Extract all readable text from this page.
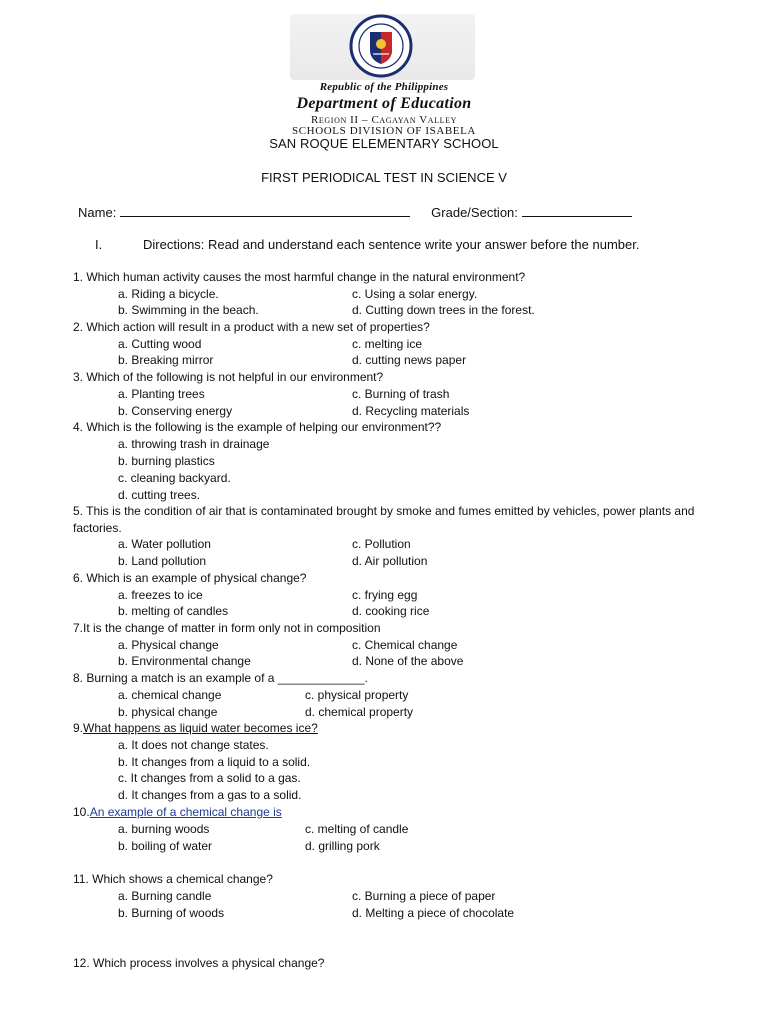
Republic of the Philippines
Department of Education
Region II – Cagayan Valley
SCHOOLS DIVISION OF ISABELA
SAN ROQUE ELEMENTARY SCHOOL
FIRST PERIODICAL TEST IN SCIENCE V
Name:	Grade/Section:
I.	Directions: Read and understand each sentence write your answer before the number.
1. Which human activity causes the most harmful change in the natural environment?
a. Riding a bicycle.	c. Using a solar energy.
b. Swimming in the beach.	d. Cutting down trees in the forest.
2. Which action will result in a product with a new set of properties?
a. Cutting wood	c. melting ice
b. Breaking mirror	d. cutting news paper
3. Which of the following is not helpful in our environment?
a. Planting trees	c. Burning of trash
b. Conserving energy	d. Recycling materials
4. Which is the following is the example of helping our environment??
a. throwing trash in drainage
b. burning plastics
c. cleaning backyard.
d. cutting trees.
5. This is the condition of air that is contaminated brought by smoke and fumes emitted by vehicles, power plants and
factories.
a. Water pollution	c. Pollution
b. Land pollution	d. Air pollution
6. Which is an example of physical change?
a. freezes to ice	c. frying egg
b. melting of candles	d. cooking rice
7.It is the change of matter in form only not in composition
a. Physical change	c. Chemical change
b. Environmental change	d. None of the above
8. Burning a match is an example of a _____________.
a. chemical change	c. physical property
b. physical change	d. chemical property
9.What happens as liquid water becomes ice?
a. It does not change states.
b. It changes from a liquid to a solid.
c. It changes from a solid to a gas.
d. It changes from a gas to a solid.
10.An example of a chemical change is
a. burning woods	c. melting of candle
b. boiling of water	d. grilling pork
11. Which shows a chemical change?
a. Burning candle	c. Burning a piece of paper
b. Burning of woods	d. Melting a piece of chocolate
12. Which process involves a physical change?
